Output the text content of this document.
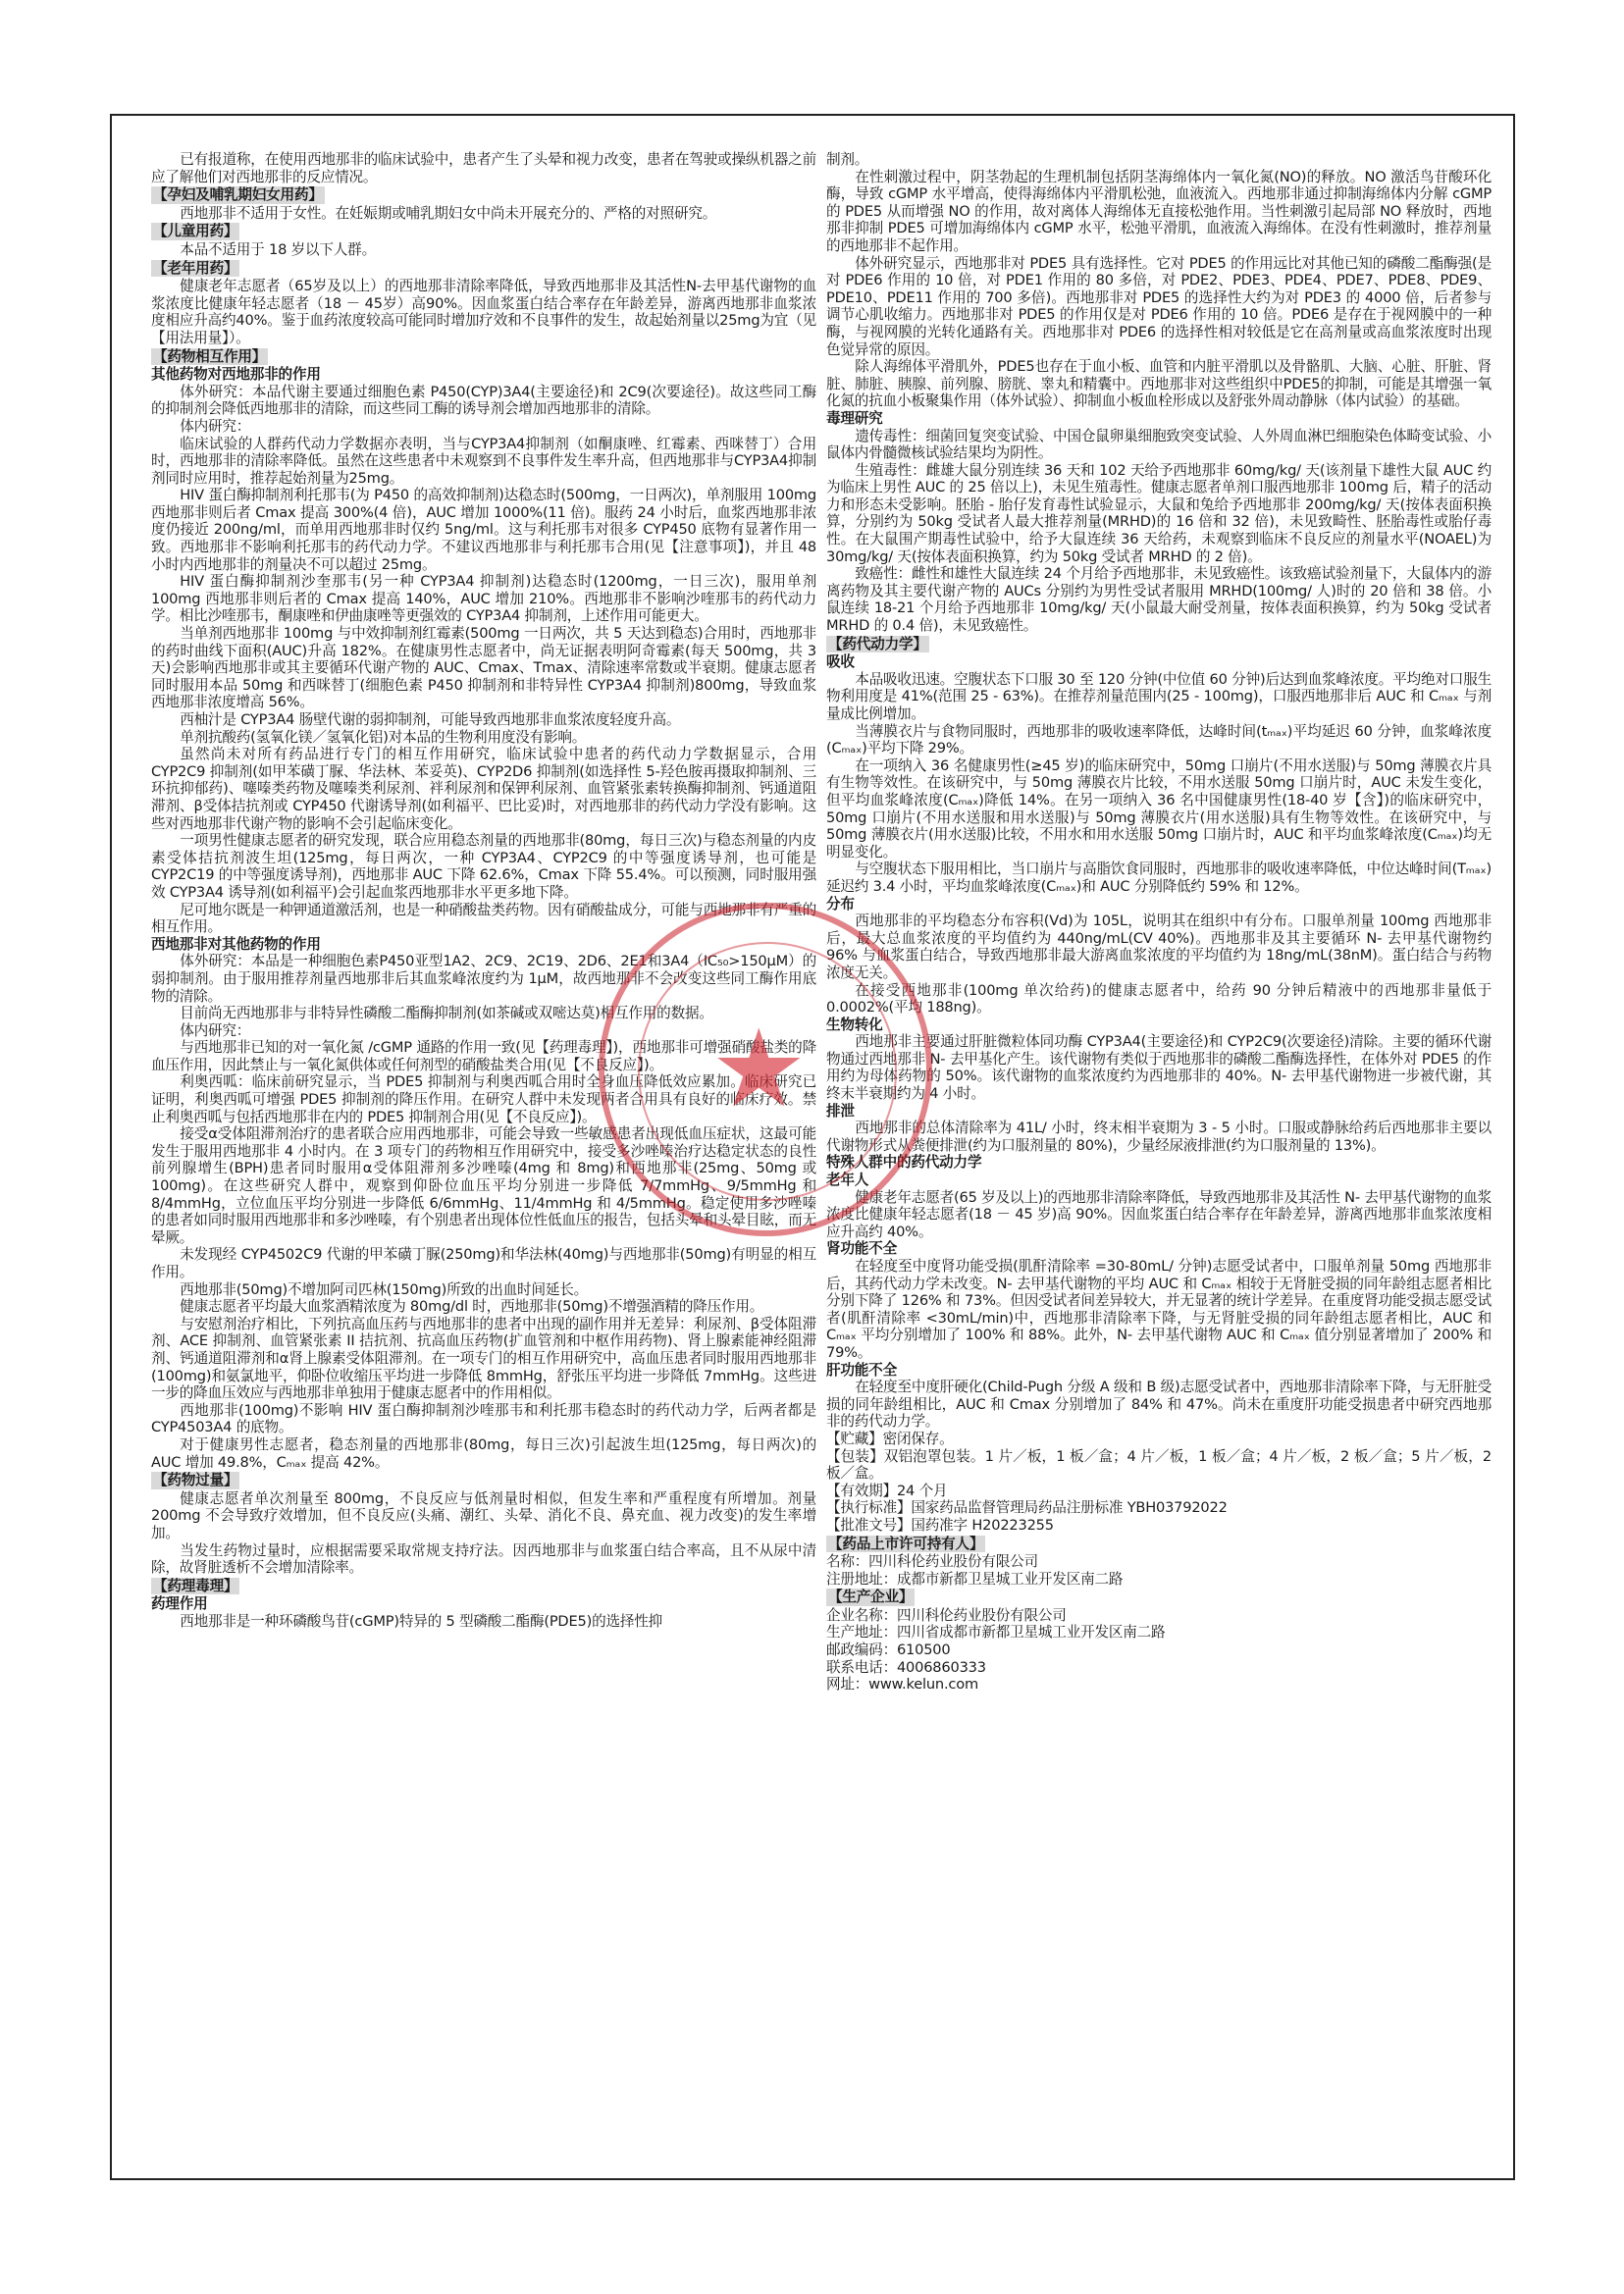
已有报道称，在使用西地那非的临床试验中，患者产生了头晕和视力改变，患者在驾驶或操纵机器之前应了解他们对西地那非的反应情况。

【孕妇及哺乳期妇女用药】

西地那非不适用于女性。在妊娠期或哺乳期妇女中尚未开展充分的、严格的对照研究。

【儿童用药】

本品不适用于 18 岁以下人群。

【老年用药】

健康老年志愿者（65岁及以上）的西地那非清除率降低，导致西地那非及其活性N-去甲基代谢物的血浆浓度比健康年轻志愿者（18 － 45岁）高90%。因血浆蛋白结合率存在年龄差异，游离西地那非血浆浓度相应升高约40%。鉴于血药浓度较高可能同时增加疗效和不良事件的发生，故起始剂量以25mg为宜（见【用法用量】）。

【药物相互作用】

其他药物对西地那非的作用

体外研究：本品代谢主要通过细胞色素 P450(CYP)3A4(主要途径)和 2C9(次要途径)。故这些同工酶的抑制剂会降低西地那非的清除，而这些同工酶的诱导剂会增加西地那非的清除。

体内研究：

临床试验的人群药代动力学数据亦表明，当与CYP3A4抑制剂（如酮康唑、红霉素、西咪替丁）合用时，西地那非的清除率降低。虽然在这些患者中未观察到不良事件发生率升高，但西地那非与CYP3A4抑制剂同时应用时，推荐起始剂量为25mg。

HIV 蛋白酶抑制剂利托那韦(为 P450 的高效抑制剂)达稳态时(500mg，一日两次)，单剂服用 100mg 西地那非则后者 Cmax 提高 300%(4 倍)，AUC 增加 1000%(11 倍)。服药 24 小时后，血浆西地那非浓度仍接近 200ng/ml，而单用西地那非时仅约 5ng/ml。这与利托那韦对很多 CYP450 底物有显著作用一致。西地那非不影响利托那韦的药代动力学。不建议西地那非与利托那韦合用(见【注意事项】)，并且 48 小时内西地那非的剂量决不可以超过 25mg。

HIV 蛋白酶抑制剂沙奎那韦(另一种 CYP3A4 抑制剂)达稳态时(1200mg，一日三次)，服用单剂 100mg 西地那非则后者的 Cmax 提高 140%，AUC 增加 210%。西地那非不影响沙喹那韦的药代动力学。相比沙喹那韦，酮康唑和伊曲康唑等更强效的 CYP3A4 抑制剂，上述作用可能更大。

当单剂西地那非 100mg 与中效抑制剂红霉素(500mg 一日两次，共 5 天达到稳态)合用时，西地那非的药时曲线下面积(AUC)升高 182%。在健康男性志愿者中，尚无证据表明阿奇霉素(每天 500mg，共 3 天)会影响西地那非或其主要循环代谢产物的 AUC、Cmax、Tmax、清除速率常数或半衰期。健康志愿者同时服用本品 50mg 和西咪替丁(细胞色素 P450 抑制剂和非特异性 CYP3A4 抑制剂)800mg，导致血浆西地那非浓度增高 56%。

西柚汁是 CYP3A4 肠壁代谢的弱抑制剂，可能导致西地那非血浆浓度轻度升高。

单剂抗酸药(氢氧化镁／氢氧化铝)对本品的生物利用度没有影响。

虽然尚未对所有药品进行专门的相互作用研究，临床试验中患者的药代动力学数据显示，合用 CYP2C9 抑制剂(如甲苯磺丁脲、华法林、苯妥英)、CYP2D6 抑制剂(如选择性 5-羟色胺再摄取抑制剂、三环抗抑郁药)、噻嗪类药物及噻嗪类利尿剂、袢利尿剂和保钾利尿剂、血管紧张素转换酶抑制剂、钙通道阻滞剂、β受体拮抗剂或 CYP450 代谢诱导剂(如利福平、巴比妥)时，对西地那非的药代动力学没有影响。这些对西地那非代谢产物的影响不会引起临床变化。

一项男性健康志愿者的研究发现，联合应用稳态剂量的西地那非(80mg，每日三次)与稳态剂量的内皮素受体拮抗剂波生坦(125mg，每日两次，一种 CYP3A4、CYP2C9 的中等强度诱导剂，也可能是 CYP2C19 的中等强度诱导剂)，西地那非 AUC 下降 62.6%，Cmax 下降 55.4%。可以预测，同时服用强效 CYP3A4 诱导剂(如利福平)会引起血浆西地那非水平更多地下降。

尼可地尔既是一种钾通道激活剂，也是一种硝酸盐类药物。因有硝酸盐成分，可能与西地那非有严重的相互作用。

西地那非对其他药物的作用

体外研究：本品是一种细胞色素P450亚型1A2、2C9、2C19、2D6、2E1和3A4（IC₅₀>150μM）的弱抑制剂。由于服用推荐剂量西地那非后其血浆峰浓度约为 1μM，故西地那非不会改变这些同工酶作用底物的清除。

目前尚无西地那非与非特异性磷酸二酯酶抑制剂(如茶碱或双嘧达莫)相互作用的数据。

体内研究：

与西地那非已知的对一氧化氮 /cGMP 通路的作用一致(见【药理毒理】)，西地那非可增强硝酸盐类的降血压作用，因此禁止与一氧化氮供体或任何剂型的硝酸盐类合用(见【不良反应】)。

利奥西呱：临床前研究显示，当 PDE5 抑制剂与利奥西呱合用时全身血压降低效应累加。临床研究已证明，利奥西呱可增强 PDE5 抑制剂的降压作用。在研究人群中未发现两者合用具有良好的临床疗效。禁止利奥西呱与包括西地那非在内的 PDE5 抑制剂合用(见【不良反应】)。

接受α受体阻滞剂治疗的患者联合应用西地那非，可能会导致一些敏感患者出现低血压症状，这最可能发生于服用西地那非 4 小时内。在 3 项专门的药物相互作用研究中，接受多沙唑嗪治疗达稳定状态的良性前列腺增生(BPH)患者同时服用α受体阻滞剂多沙唑嗪(4mg 和 8mg)和西地那非(25mg、50mg 或 100mg)。在这些研究人群中，观察到仰卧位血压平均分别进一步降低 7/7mmHg、9/5mmHg 和 8/4mmHg，立位血压平均分别进一步降低 6/6mmHg、11/4mmHg 和 4/5mmHg。稳定使用多沙唑嗪的患者如同时服用西地那非和多沙唑嗪，有个别患者出现体位性低血压的报告，包括头晕和头晕目眩，而无晕厥。

未发现经 CYP4502C9 代谢的甲苯磺丁脲(250mg)和华法林(40mg)与西地那非(50mg)有明显的相互作用。

西地那非(50mg)不增加阿司匹林(150mg)所致的出血时间延长。

健康志愿者平均最大血浆酒精浓度为 80mg/dl 时，西地那非(50mg)不增强酒精的降压作用。

与安慰剂治疗相比，下列抗高血压药与西地那非的患者中出现的副作用并无差异：利尿剂、β受体阻滞剂、ACE 抑制剂、血管紧张素 II 拮抗剂、抗高血压药物(扩血管剂和中枢作用药物)、肾上腺素能神经阻滞剂、钙通道阻滞剂和α肾上腺素受体阻滞剂。在一项专门的相互作用研究中，高血压患者同时服用西地那非(100mg)和氨氯地平，仰卧位收缩压平均进一步降低 8mmHg，舒张压平均进一步降低 7mmHg。这些进一步的降血压效应与西地那非单独用于健康志愿者中的作用相似。

西地那非(100mg)不影响 HIV 蛋白酶抑制剂沙喹那韦和利托那韦稳态时的药代动力学，后两者都是 CYP4503A4 的底物。

对于健康男性志愿者，稳态剂量的西地那非(80mg，每日三次)引起波生坦(125mg，每日两次)的 AUC 增加 49.8%，Cₘₐₓ 提高 42%。

【药物过量】

健康志愿者单次剂量至 800mg，不良反应与低剂量时相似，但发生率和严重程度有所增加。剂量 200mg 不会导致疗效增加，但不良反应(头痛、潮红、头晕、消化不良、鼻充血、视力改变)的发生率增加。

当发生药物过量时，应根据需要采取常规支持疗法。因西地那非与血浆蛋白结合率高，且不从尿中清除，故肾脏透析不会增加清除率。

【药理毒理】

药理作用

西地那非是一种环磷酸鸟苷(cGMP)特异的 5 型磷酸二酯酶(PDE5)的选择性抑

制剂。

在性刺激过程中，阴茎勃起的生理机制包括阴茎海绵体内一氧化氮(NO)的释放。NO 激活鸟苷酸环化酶，导致 cGMP 水平增高，使得海绵体内平滑肌松弛，血液流入。西地那非通过抑制海绵体内分解 cGMP 的 PDE5 从而增强 NO 的作用，故对离体人海绵体无直接松弛作用。当性刺激引起局部 NO 释放时，西地那非抑制 PDE5 可增加海绵体内 cGMP 水平，松弛平滑肌，血液流入海绵体。在没有性刺激时，推荐剂量的西地那非不起作用。

体外研究显示，西地那非对 PDE5 具有选择性。它对 PDE5 的作用远比对其他已知的磷酸二酯酶强(是对 PDE6 作用的 10 倍，对 PDE1 作用的 80 多倍，对 PDE2、PDE3、PDE4、PDE7、PDE8、PDE9、PDE10、PDE11 作用的 700 多倍)。西地那非对 PDE5 的选择性大约为对 PDE3 的 4000 倍，后者参与调节心肌收缩力。西地那非对 PDE5 的作用仅是对 PDE6 作用的 10 倍。PDE6 是存在于视网膜中的一种酶，与视网膜的光转化通路有关。西地那非对 PDE6 的选择性相对较低是它在高剂量或高血浆浓度时出现色觉异常的原因。

除人海绵体平滑肌外，PDE5也存在于血小板、血管和内脏平滑肌以及骨骼肌、大脑、心脏、肝脏、肾脏、肺脏、胰腺、前列腺、膀胱、睾丸和精囊中。西地那非对这些组织中PDE5的抑制，可能是其增强一氧化氮的抗血小板聚集作用（体外试验）、抑制血小板血栓形成以及舒张外周动静脉（体内试验）的基础。

毒理研究

遗传毒性：细菌回复突变试验、中国仓鼠卵巢细胞致突变试验、人外周血淋巴细胞染色体畸变试验、小鼠体内骨髓微核试验结果均为阴性。

生殖毒性：雌雄大鼠分别连续 36 天和 102 天给予西地那非 60mg/kg/ 天(该剂量下雄性大鼠 AUC 约为临床上男性 AUC 的 25 倍以上)，未见生殖毒性。健康志愿者单剂口服西地那非 100mg 后，精子的活动力和形态未受影响。胚胎 - 胎仔发育毒性试验显示，大鼠和兔给予西地那非 200mg/kg/ 天(按体表面积换算，分别约为 50kg 受试者人最大推荐剂量(MRHD)的 16 倍和 32 倍)，未见致畸性、胚胎毒性或胎仔毒性。在大鼠围产期毒性试验中，给予大鼠连续 36 天给药，未观察到临床不良反应的剂量水平(NOAEL)为 30mg/kg/ 天(按体表面积换算，约为 50kg 受试者 MRHD 的 2 倍)。

致癌性：雌性和雄性大鼠连续 24 个月给予西地那非，未见致癌性。该致癌试验剂量下，大鼠体内的游离药物及其主要代谢产物的 AUCs 分别约为男性受试者服用 MRHD(100mg/ 人)时的 20 倍和 38 倍。小鼠连续 18-21 个月给予西地那非 10mg/kg/ 天(小鼠最大耐受剂量，按体表面积换算，约为 50kg 受试者 MRHD 的 0.4 倍)，未见致癌性。

【药代动力学】

吸收

本品吸收迅速。空腹状态下口服 30 至 120 分钟(中位值 60 分钟)后达到血浆峰浓度。平均绝对口服生物利用度是 41%(范围 25 - 63%)。在推荐剂量范围内(25 - 100mg)，口服西地那非后 AUC 和 Cₘₐₓ 与剂量成比例增加。

当薄膜衣片与食物同服时，西地那非的吸收速率降低，达峰时间(tₘₐₓ)平均延迟 60 分钟，血浆峰浓度(Cₘₐₓ)平均下降 29%。

在一项纳入 36 名健康男性(≥45 岁)的临床研究中，50mg 口崩片(不用水送服)与 50mg 薄膜衣片具有生物等效性。在该研究中，与 50mg 薄膜衣片比较，不用水送服 50mg 口崩片时，AUC 未发生变化，但平均血浆峰浓度(Cₘₐₓ)降低 14%。在另一项纳入 36 名中国健康男性(18-40 岁【含】)的临床研究中，50mg 口崩片(不用水送服和用水送服)与 50mg 薄膜衣片(用水送服)具有生物等效性。在该研究中，与 50mg 薄膜衣片(用水送服)比较，不用水和用水送服 50mg 口崩片时，AUC 和平均血浆峰浓度(Cₘₐₓ)均无明显变化。

与空腹状态下服用相比，当口崩片与高脂饮食同服时，西地那非的吸收速率降低，中位达峰时间(Tₘₐₓ)延迟约 3.4 小时，平均血浆峰浓度(Cₘₐₓ)和 AUC 分别降低约 59% 和 12%。

分布

西地那非的平均稳态分布容积(Vd)为 105L，说明其在组织中有分布。口服单剂量 100mg 西地那非后，最大总血浆浓度的平均值约为 440ng/mL(CV 40%)。西地那非及其主要循环 N- 去甲基代谢物约 96% 与血浆蛋白结合，导致西地那非最大游离血浆浓度的平均值约为 18ng/mL(38nM)。蛋白结合与药物浓度无关。

在接受西地那非(100mg 单次给药)的健康志愿者中，给药 90 分钟后精液中的西地那非量低于 0.0002%(平均 188ng)。

生物转化

西地那非主要通过肝脏微粒体同功酶 CYP3A4(主要途径)和 CYP2C9(次要途径)清除。主要的循环代谢物通过西地那非 N- 去甲基化产生。该代谢物有类似于西地那非的磷酸二酯酶选择性，在体外对 PDE5 的作用约为母体药物的 50%。该代谢物的血浆浓度约为西地那非的 40%。N- 去甲基代谢物进一步被代谢，其终末半衰期约为 4 小时。

排泄

西地那非的总体清除率为 41L/ 小时，终末相半衰期为 3 - 5 小时。口服或静脉给药后西地那非主要以代谢物形式从粪便排泄(约为口服剂量的 80%)，少量经尿液排泄(约为口服剂量的 13%)。

特殊人群中的药代动力学

老年人

健康老年志愿者(65 岁及以上)的西地那非清除率降低，导致西地那非及其活性 N- 去甲基代谢物的血浆浓度比健康年轻志愿者(18 － 45 岁)高 90%。因血浆蛋白结合率存在年龄差异，游离西地那非血浆浓度相应升高约 40%。

肾功能不全

在轻度至中度肾功能受损(肌酐清除率 =30-80mL/ 分钟)志愿受试者中，口服单剂量 50mg 西地那非后，其药代动力学未改变。N- 去甲基代谢物的平均 AUC 和 Cₘₐₓ 相较于无肾脏受损的同年龄组志愿者相比分别下降了 126% 和 73%。但因受试者间差异较大，并无显著的统计学差异。在重度肾功能受损志愿受试者(肌酐清除率 <30mL/min)中，西地那非清除率下降，与无肾脏受损的同年龄组志愿者相比，AUC 和 Cₘₐₓ 平均分别增加了 100% 和 88%。此外，N- 去甲基代谢物 AUC 和 Cₘₐₓ 值分别显著增加了 200% 和 79%。

肝功能不全

在轻度至中度肝硬化(Child-Pugh 分级 A 级和 B 级)志愿受试者中，西地那非清除率下降，与无肝脏受损的同年龄组相比，AUC 和 Cmax 分别增加了 84% 和 47%。尚未在重度肝功能受损患者中研究西地那非的药代动力学。

【贮藏】密闭保存。

【包装】双铝泡罩包装。1 片／板，1 板／盒；4 片／板，1 板／盒；4 片／板，2 板／盒；5 片／板，2 板／盒。

【有效期】24 个月

【执行标准】国家药品监督管理局药品注册标准 YBH03792022

【批准文号】国药准字 H20223255

【药品上市许可持有人】

名称：四川科伦药业股份有限公司

注册地址：成都市新都卫星城工业开发区南二路

【生产企业】

企业名称：四川科伦药业股份有限公司

生产地址：四川省成都市新都卫星城工业开发区南二路

邮政编码：610500

联系电话：4006860333

网址：www.kelun.com

★
